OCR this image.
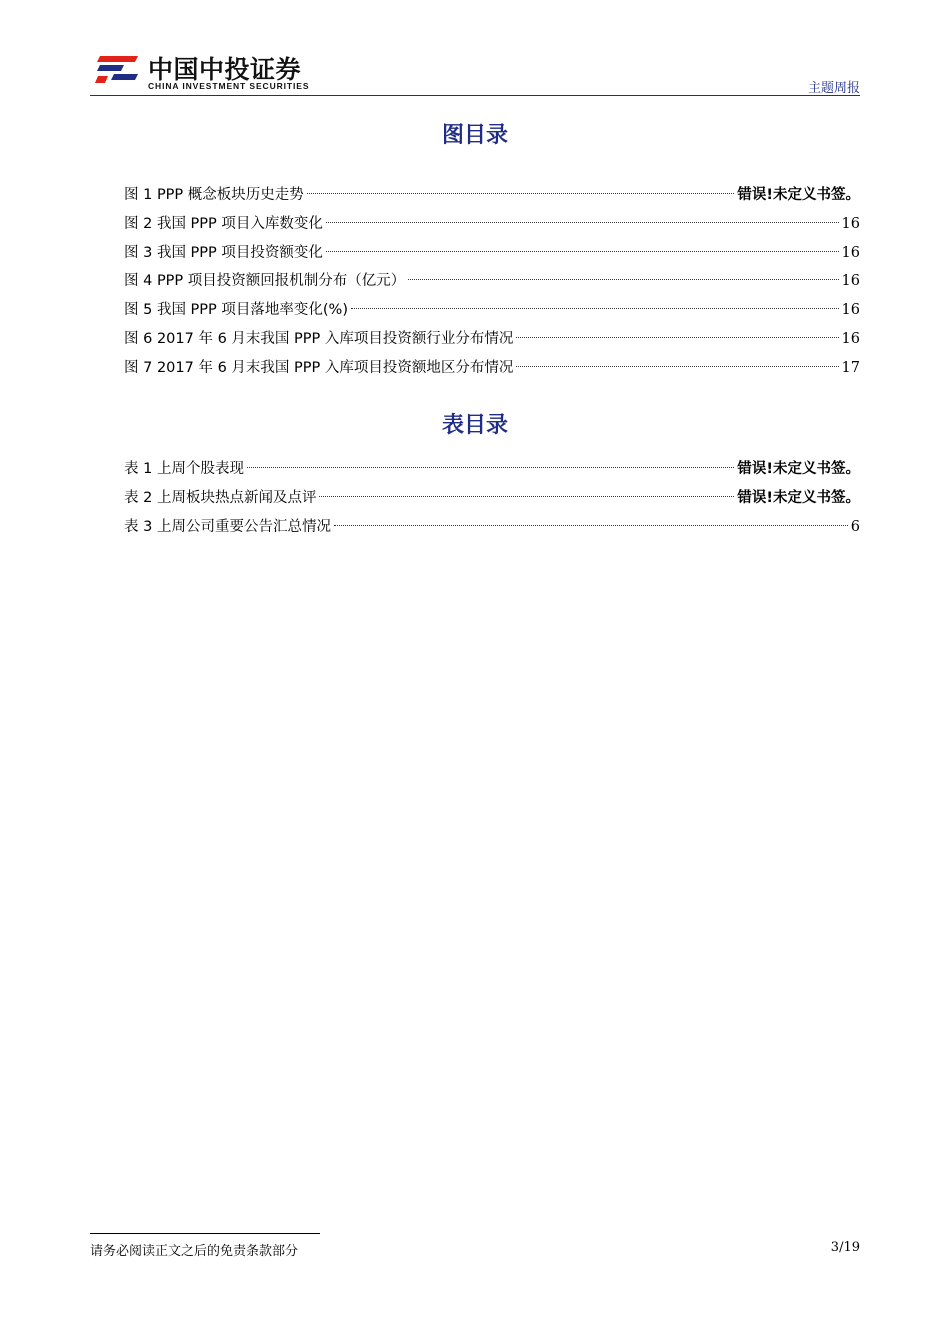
中国中投证券
CHINA INVESTMENT SECURITIES	主题周报
图目录
图 1 PPP 概念板块历史走势	错误!未定义书签。
图 2 我国 PPP 项目入库数变化	16
图 3 我国 PPP 项目投资额变化	16
图 4 PPP 项目投资额回报机制分布（亿元）	16
图 5 我国 PPP 项目落地率变化(%)	16
图 6 2017 年 6 月末我国 PPP 入库项目投资额行业分布情况	16
图 7 2017 年 6 月末我国 PPP 入库项目投资额地区分布情况	17
表目录
表 1 上周个股表现	错误!未定义书签。
表 2 上周板块热点新闻及点评	错误!未定义书签。
表 3 上周公司重要公告汇总情况	6
请务必阅读正文之后的免责条款部分	3/19
